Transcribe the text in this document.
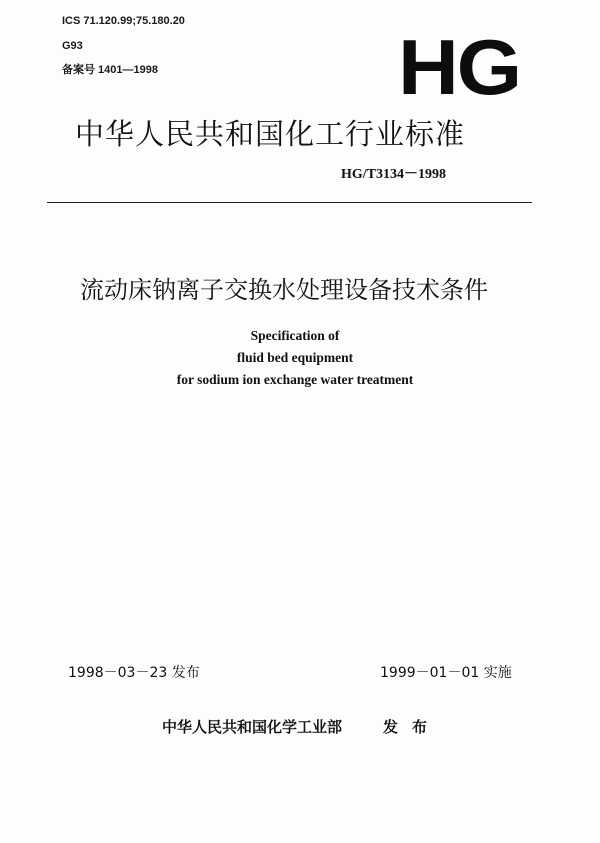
ICS 71.120.99;75.180.20
G93
备案号 1401—1998	HG
中华人民共和国化工行业标准
HG/T3134－1998
流动床钠离子交换水处理设备技术条件
Specification of
fluid bed equipment
for sodium ion exchange water treatment
1998－03－23 发布	1999－01－01 实施
中华人民共和国化学工业部	发布
